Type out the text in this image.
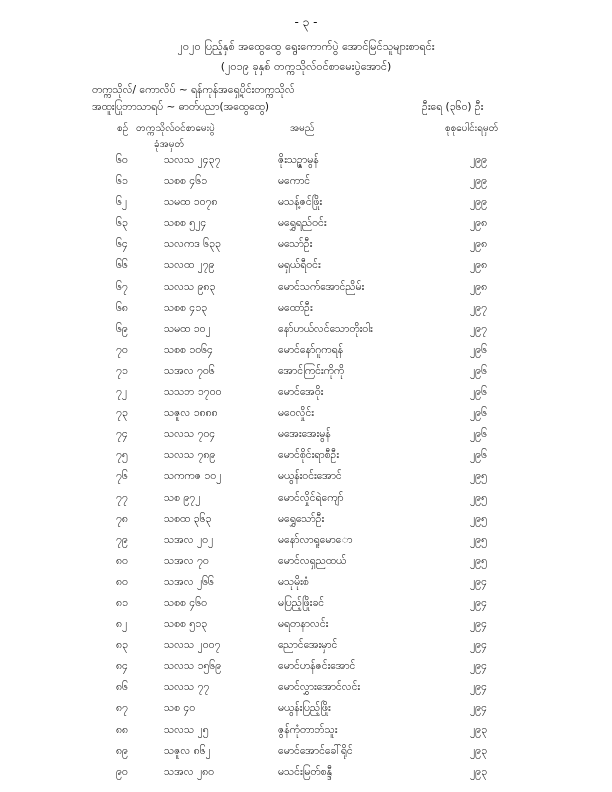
- ၃ -
၂၀၂၀ ပြည့်နှစ် အထွေထွေ ရွေးကောက်ပွဲ အောင်မြင်သူများစာရင်း
(၂၀၁၉ ခုနှစ် တက္ကသိုလ်ဝင်စာမေးပွဲအောင်)
တက္ကသိုလ်/ ကောလိပ် ~ ရန်ကုန်အရှေ့ပိုင်းတက္ကသိုလ်
အထူးပြုဘာသာရပ် ~ ဓာတ်ပညာ(အထွေထွေ)	ဦးရေ (၃၆၀) ဦး
စဉ် တက္ကသိုလ်ဝင်စာမေးပွဲ
ခုံအမှတ်
အမည်	စုစုပေါင်းရမှတ်
၆၀	သလသ ၂၄၃၇	ဇိုးသဉ္ဇာမွန်	၂၉၉
၆၁	သစစ ၄၆၁	မကောင်	၂၉၉
၆၂	သမထ ၁၀၇၈	မသန့်ဇင်ဖြိုး	၂၉၉
၆၃	သစစ ၅၂၄	မရွှေရည်ဝင်း	၂၉၈
၆၄	သလကဒ ၆၃၃	မသော်ဦး	၂၉၈
၆၆	သလထ ၂၇၉	မရှယ်ရီဝင်း	၂၉၈
၆၇	သလသ ၉၈၃	မောင်သက်အောင်ညိမ်း	၂၉၈
၆၈	သစစ ၄၁၃	မထော်ဦး	၂၉၇
၆၉	သမထ ၁၀၂	နော်ဟယ်လင်သောတိုးဝါး	၂၉၇
၇၀	သစစ ၁၀၆၄	မောင်နော်ဂူကရန်	၂၉၆
၇၁	သအလ ၇၀၆	အောင်ကြင်းကိုကို	၂၉၆
၇၂	သသဘ ၁၇၀၀	မောင်အေဝိုး	၂၉၆
၇၃	သဇူလ ၁၈၈၈	မဝေလှိုင်း	၂၉၆
၇၄	သလသ ၇၀၄	မအေးအေးမွန်	၂၉၆
၇၅	သလသ ၇၈၉	မောင်စိုင်းရာစီဦး	၂၉၆
၇၆	သကကဇ ၁၀၂	မယွန်းဝင်းအောင်	၂၉၅
၇၇	သစ ၉၇၂	မောင်လှိုင်ရဲကျော်	၂၉၅
၇၈	သစထ ၃၆၃	မရွှေသော်ဦး	၂၉၅
၇၉	သအလ ၂၀၂	မနော်လာရူမောော	၂၉၅
၈၀	သအလ ၇၀	မောင်လရှညထယ်	၂၉၅
၈၀	သအလ ၂၆၆	မသုမိုးစံ	၂၉၄
၈၁	သစစ ၄၆၀	မပြည့်ဖြိုးခင်	၂၉၄
၈၂	သစစ ၅၁၃	မရတနာလင်း	၂၉၄
၈၃	သလသ ၂၀၀၇	ညောင်အေးမှာင်	၂၉၄
၈၄	သလသ ၁၅၆၉	မောင်ဟန်ဇင်းအောင်	၂၉၄
၈၆	သလသ ၇၇	မောင်လွှားအောင်လင်း	၂၉၄
၈၇	သစ ၄၀	မယွန်းပြည့်ဖြိုး	၂၉၄
၈၈	သလသ ၂၅	ဇွန်ကုံတာဘ်သူး	၂၉၃
၈၉	သဇူလ ၈၆၂	မောင်အောင်ခေါ်ရိုင်	၂၉၃
၉၀	သအလ ၂၈၀	မသင်းမြတ်စန္ဒီ	၂၉၃
